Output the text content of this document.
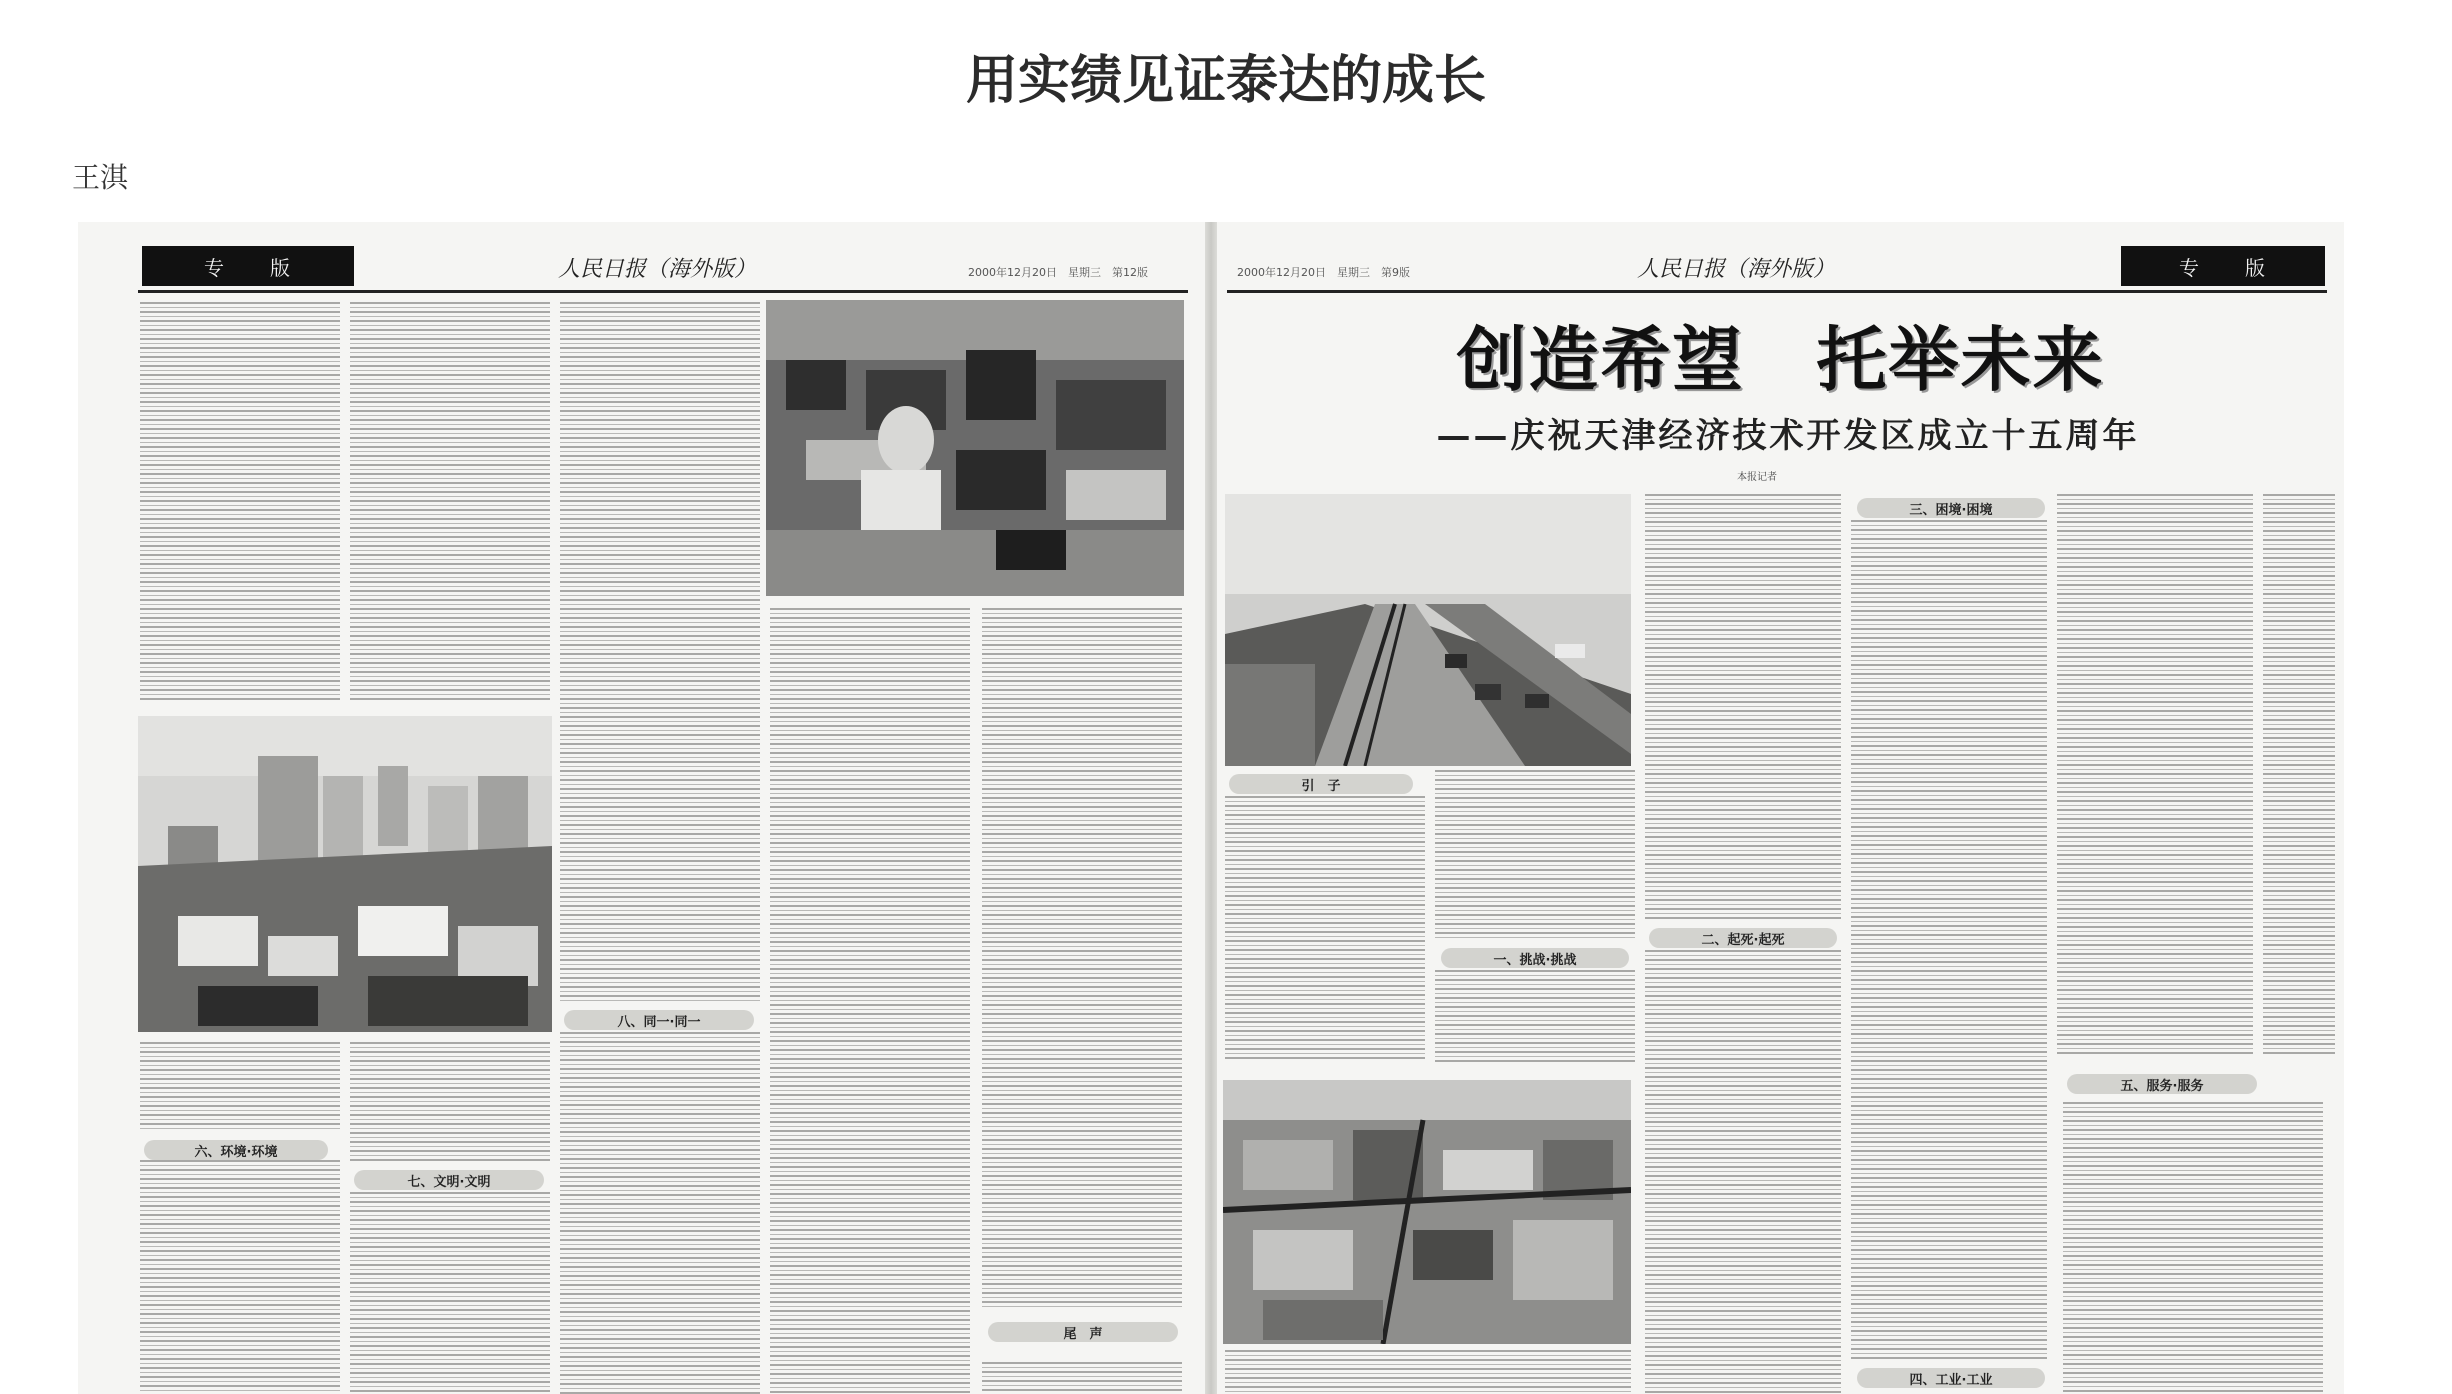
用实绩见证泰达的成长
王淇
专　　版	人民日报（海外版）	2000年12月20日　星期三　第12版
六、环境·环境
七、文明·文明
八、同一·同一
尾　声
2000年12月20日　星期三　第9版	人民日报（海外版）	专　　版
创造希望　托举未来
——庆祝天津经济技术开发区成立十五周年
本报记者
引　子
一、挑战·挑战
二、起死·起死
三、困境·困境
四、工业·工业
五、服务·服务
